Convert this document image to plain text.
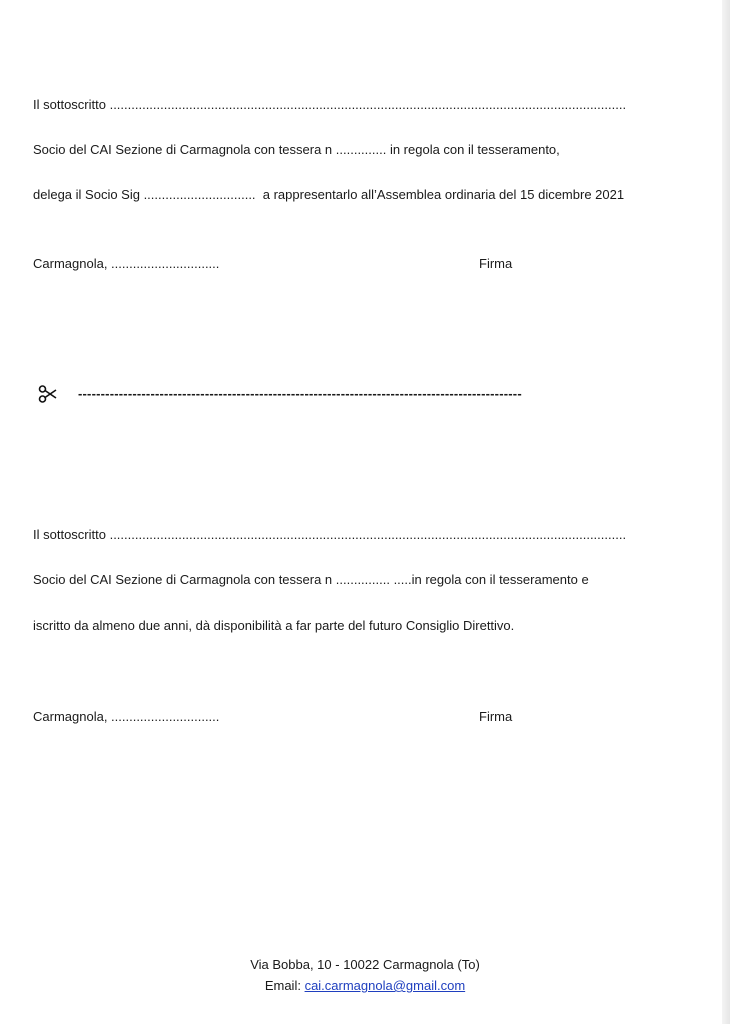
Il sottoscritto ...............................................................................................................................................
Socio del CAI Sezione di Carmagnola con tessera n .............. in regola con il tesseramento,
delega il Socio Sig ...............................  a rappresentarlo all’Assemblea ordinaria del 15 dicembre 2021
Carmagnola, ..............................	Firma
--------------------------------------------------------------------------------------------------
Il sottoscritto ...............................................................................................................................................
Socio del CAI Sezione di Carmagnola con tessera n ............... .....in regola con il tesseramento e
iscritto da almeno due anni, dà disponibilità a far parte del futuro Consiglio Direttivo.
Carmagnola, ..............................	Firma
Via Bobba, 10 - 10022 Carmagnola (To)
Email: cai.carmagnola@gmail.com
